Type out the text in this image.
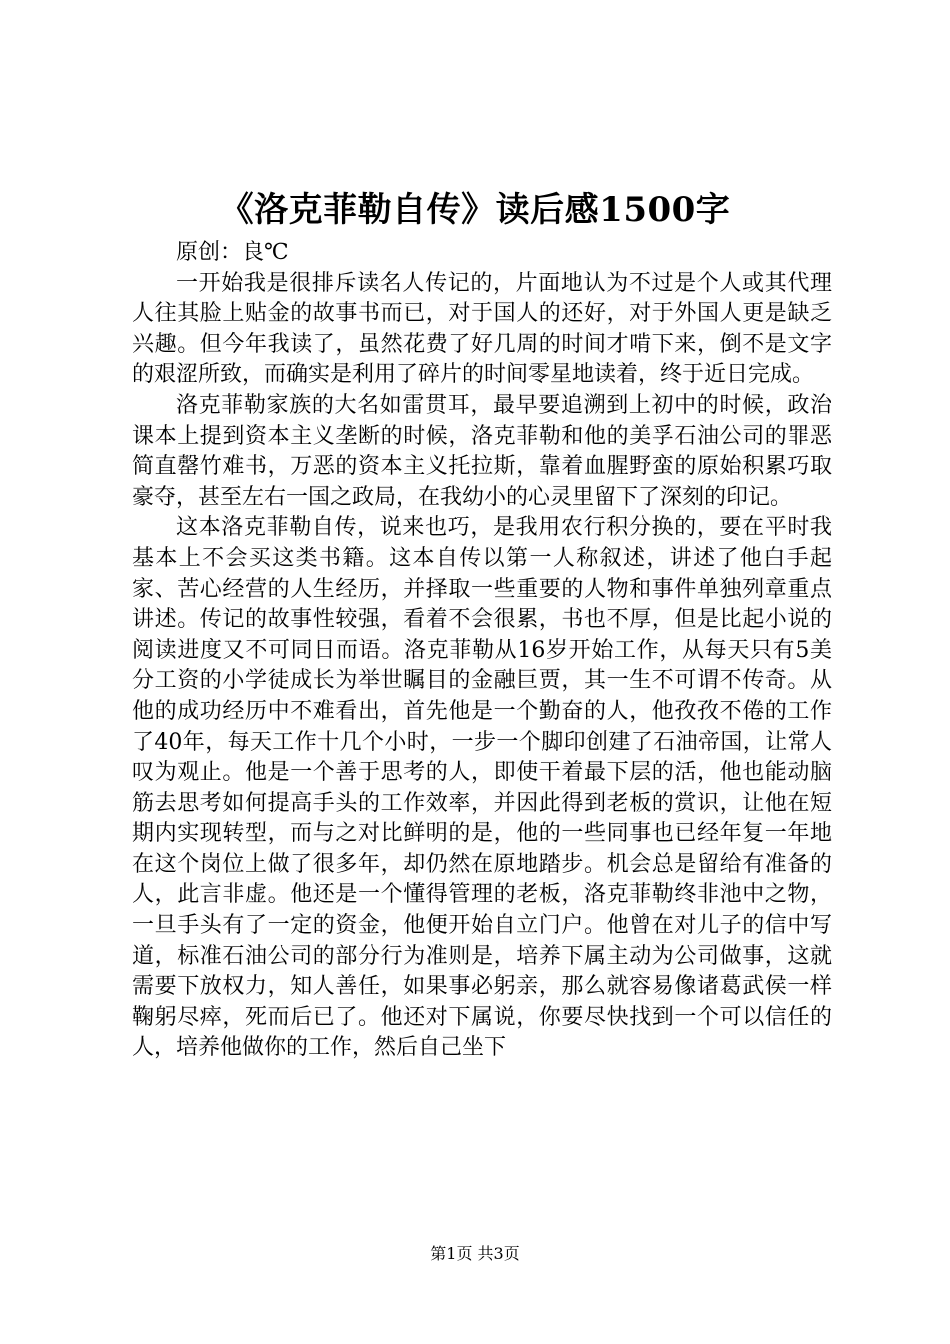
《洛克菲勒自传》读后感1500字

原创：良℃

一开始我是很排斥读名人传记的，片面地认为不过是个人或其代理人往其脸上贴金的故事书而已，对于国人的还好，对于外国人更是缺乏兴趣。但今年我读了，虽然花费了好几周的时间才啃下来，倒不是文字的艰涩所致，而确实是利用了碎片的时间零星地读着，终于近日完成。

洛克菲勒家族的大名如雷贯耳，最早要追溯到上初中的时候，政治课本上提到资本主义垄断的时候，洛克菲勒和他的美孚石油公司的罪恶简直罄竹难书，万恶的资本主义托拉斯，靠着血腥野蛮的原始积累巧取豪夺，甚至左右一国之政局，在我幼小的心灵里留下了深刻的印记。

这本洛克菲勒自传，说来也巧，是我用农行积分换的，要在平时我基本上不会买这类书籍。这本自传以第一人称叙述，讲述了他白手起家、苦心经营的人生经历，并择取一些重要的人物和事件单独列章重点讲述。传记的故事性较强，看着不会很累，书也不厚，但是比起小说的阅读进度又不可同日而语。洛克菲勒从16岁开始工作，从每天只有5美分工资的小学徒成长为举世瞩目的金融巨贾，其一生不可谓不传奇。从他的成功经历中不难看出，首先他是一个勤奋的人，他孜孜不倦的工作了40年，每天工作十几个小时，一步一个脚印创建了石油帝国，让常人叹为观止。他是一个善于思考的人，即使干着最下层的活，他也能动脑筋去思考如何提高手头的工作效率，并因此得到老板的赏识，让他在短期内实现转型，而与之对比鲜明的是，他的一些同事也已经年复一年地在这个岗位上做了很多年，却仍然在原地踏步。机会总是留给有准备的人，此言非虚。他还是一个懂得管理的老板，洛克菲勒终非池中之物，一旦手头有了一定的资金，他便开始自立门户。他曾在对儿子的信中写道，标准石油公司的部分行为准则是，培养下属主动为公司做事，这就需要下放权力，知人善任，如果事必躬亲，那么就容易像诸葛武侯一样鞠躬尽瘁，死而后已了。他还对下属说，你要尽快找到一个可以信任的人，培养他做你的工作，然后自己坐下

第1页 共3页
